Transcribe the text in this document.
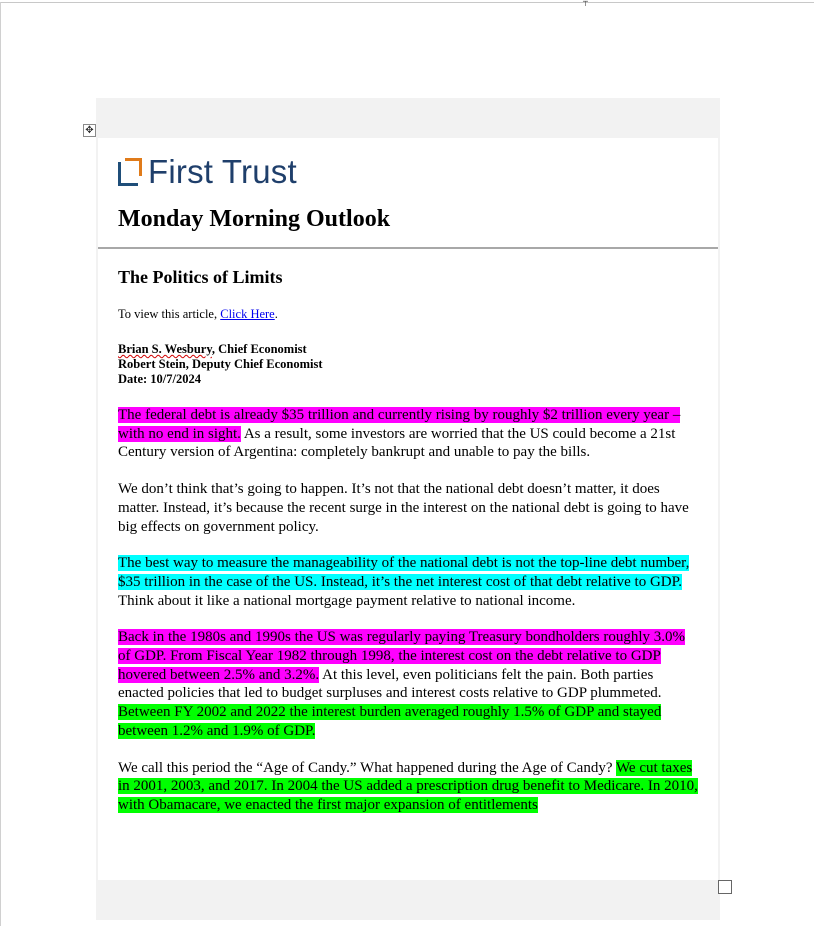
┬
✥
First Trust
Monday Morning Outlook
The Politics of Limits
To view this article, Click Here.
Brian S. Wesbury, Chief Economist
Robert Stein, Deputy Chief Economist
Date: 10/7/2024

The federal debt is already $35 trillion and currently rising by roughly $2 trillion every year – with no end in sight. As a result, some investors are worried that the US could become a 21st Century version of Argentina: completely bankrupt and unable to pay the bills.

We don’t think that’s going to happen. It’s not that the national debt doesn’t matter, it does matter. Instead, it’s because the recent surge in the interest on the national debt is going to have big effects on government policy.

The best way to measure the manageability of the national debt is not the top-line debt number, $35 trillion in the case of the US. Instead, it’s the net interest cost of that debt relative to GDP. Think about it like a national mortgage payment relative to national income.

Back in the 1980s and 1990s the US was regularly paying Treasury bondholders roughly 3.0% of GDP. From Fiscal Year 1982 through 1998, the interest cost on the debt relative to GDP hovered between 2.5% and 3.2%. At this level, even politicians felt the pain. Both parties enacted policies that led to budget surpluses and interest costs relative to GDP plummeted. Between FY 2002 and 2022 the interest burden averaged roughly 1.5% of GDP and stayed between 1.2% and 1.9% of GDP.

We call this period the “Age of Candy.” What happened during the Age of Candy? We cut taxes in 2001, 2003, and 2017. In 2004 the US added a prescription drug benefit to Medicare. In 2010, with Obamacare, we enacted the first major expansion of entitlements
